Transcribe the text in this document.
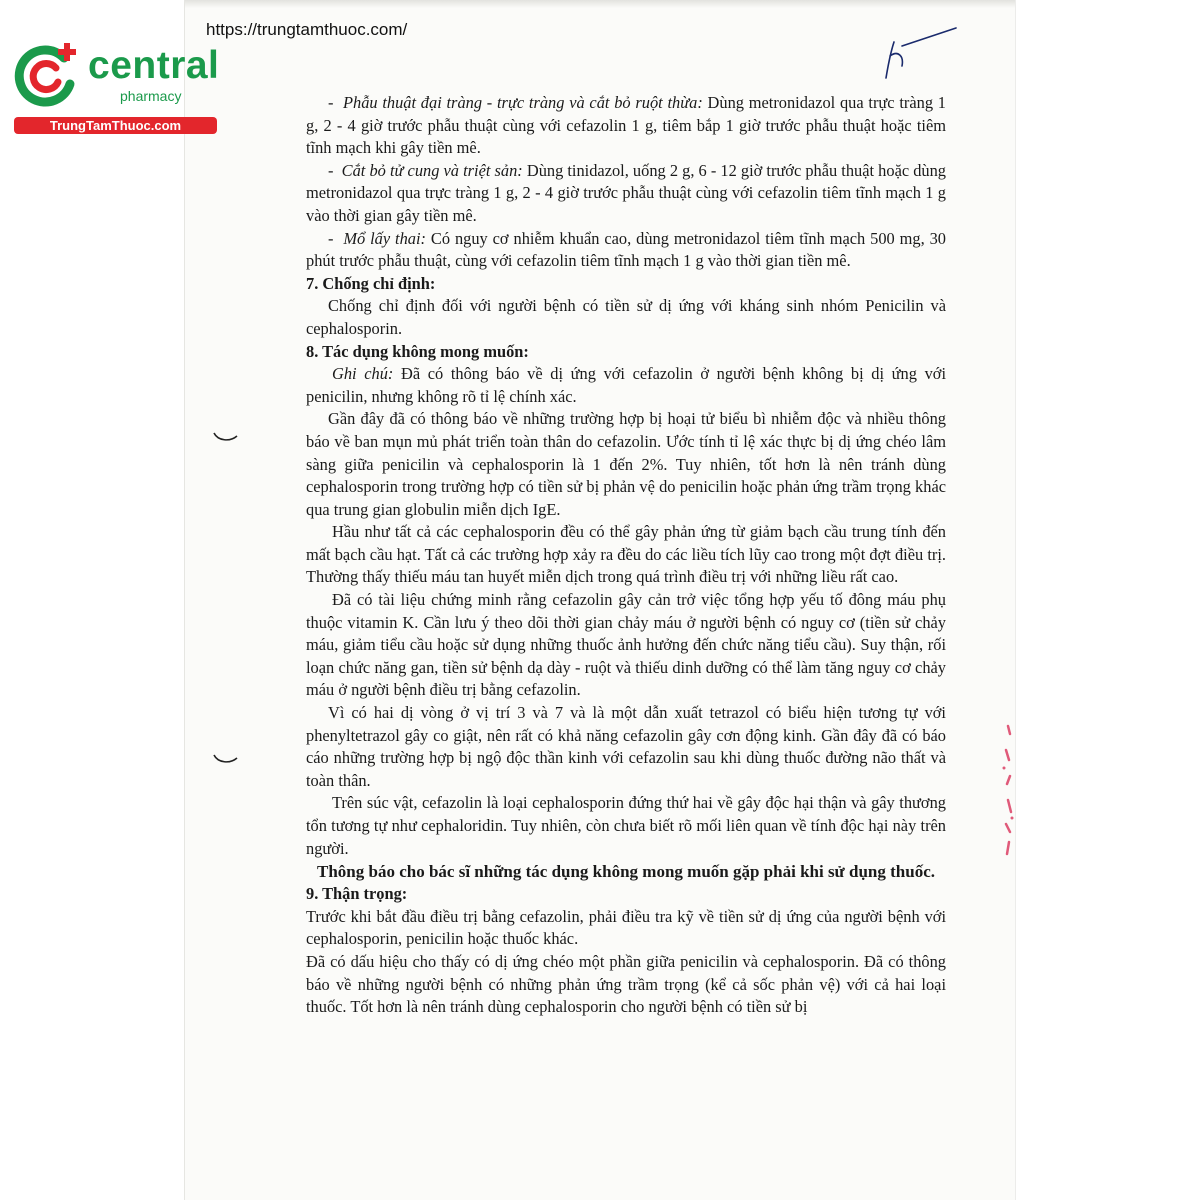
https://trungtamthuoc.com/
central
pharmacy
TrungTamThuoc.com

-  Phẫu thuật đại tràng - trực tràng và cắt bỏ ruột thừa: Dùng metronidazol qua trực tràng 1 g, 2 - 4 giờ trước phẫu thuật cùng với cefazolin 1 g, tiêm bắp 1 giờ trước phẫu thuật hoặc tiêm tĩnh mạch khi gây tiền mê.

-  Cắt bỏ tử cung và triệt sản: Dùng tinidazol, uống 2 g, 6 - 12 giờ trước phẫu thuật hoặc dùng metronidazol qua trực tràng 1 g, 2 - 4 giờ trước phẫu thuật cùng với cefazolin tiêm tĩnh mạch 1 g vào thời gian gây tiền mê.

-  Mổ lấy thai: Có nguy cơ nhiễm khuẩn cao, dùng metronidazol tiêm tĩnh mạch 500 mg, 30 phút trước phẫu thuật, cùng với cefazolin tiêm tĩnh mạch 1 g vào thời gian tiền mê.

7. Chống chỉ định:

Chống chỉ định đối với người bệnh có tiền sử dị ứng với kháng sinh nhóm Penicilin và cephalosporin.

8. Tác dụng không mong muốn:

Ghi chú: Đã có thông báo về dị ứng với cefazolin ở người bệnh không bị dị ứng với penicilin, nhưng không rõ tỉ lệ chính xác.

Gần đây đã có thông báo về những trường hợp bị hoại tử biểu bì nhiễm độc và nhiều thông báo về ban mụn mủ phát triển toàn thân do cefazolin. Ước tính tỉ lệ xác thực bị dị ứng chéo lâm sàng giữa penicilin và cephalosporin là 1 đến 2%. Tuy nhiên, tốt hơn là nên tránh dùng cephalosporin trong trường hợp có tiền sử bị phản vệ do penicilin hoặc phản ứng trầm trọng khác qua trung gian globulin miễn dịch IgE.

Hầu như tất cả các cephalosporin đều có thể gây phản ứng từ giảm bạch cầu trung tính đến mất bạch cầu hạt. Tất cả các trường hợp xảy ra đều do các liều tích lũy cao trong một đợt điều trị. Thường thấy thiếu máu tan huyết miễn dịch trong quá trình điều trị với những liều rất cao.

Đã có tài liệu chứng minh rằng cefazolin gây cản trở việc tổng hợp yếu tố đông máu phụ thuộc vitamin K. Cần lưu ý theo dõi thời gian chảy máu ở người bệnh có nguy cơ (tiền sử chảy máu, giảm tiểu cầu hoặc sử dụng những thuốc ảnh hưởng đến chức năng tiểu cầu). Suy thận, rối loạn chức năng gan, tiền sử bệnh dạ dày - ruột và thiếu dinh dưỡng có thể làm tăng nguy cơ chảy máu ở người bệnh điều trị bằng cefazolin.

Vì có hai dị vòng ở vị trí 3 và 7 và là một dẫn xuất tetrazol có biểu hiện tương tự với phenyltetrazol gây co giật, nên rất có khả năng cefazolin gây cơn động kinh. Gần đây đã có báo cáo những trường hợp bị ngộ độc thần kinh với cefazolin sau khi dùng thuốc đường não thất và toàn thân.

Trên súc vật, cefazolin là loại cephalosporin đứng thứ hai về gây độc hại thận và gây thương tổn tương tự như cephaloridin. Tuy nhiên, còn chưa biết rõ mối liên quan về tính độc hại này trên người.

Thông báo cho bác sĩ những tác dụng không mong muốn gặp phải khi sử dụng thuốc.

9. Thận trọng:

Trước khi bắt đầu điều trị bằng cefazolin, phải điều tra kỹ về tiền sử dị ứng của người bệnh với cephalosporin, penicilin hoặc thuốc khác.

Đã có dấu hiệu cho thấy có dị ứng chéo một phần giữa penicilin và cephalosporin. Đã có thông báo về những người bệnh có những phản ứng trầm trọng (kể cả sốc phản vệ) với cả hai loại thuốc. Tốt hơn là nên tránh dùng cephalosporin cho người bệnh có tiền sử bị
